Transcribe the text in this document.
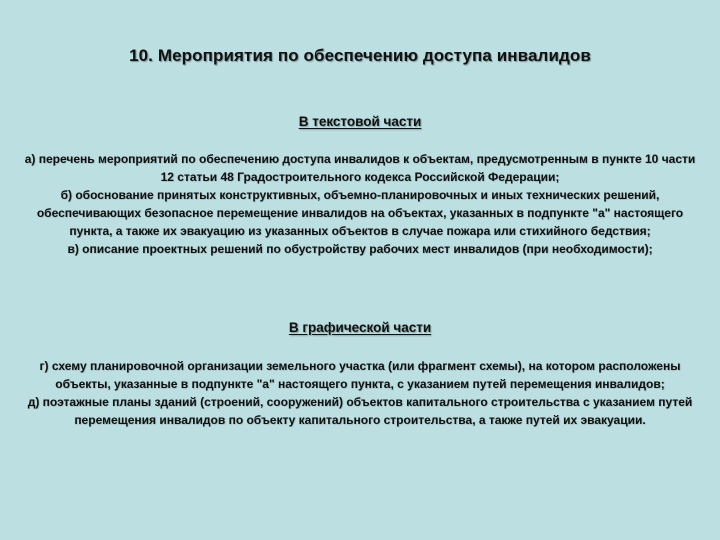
10. Мероприятия по обеспечению доступа инвалидов
В текстовой части

а) перечень мероприятий по обеспечению доступа инвалидов к объектам, предусмотренным в пункте 10 части 12 статьи 48 Градостроительного кодекса Российской Федерации;

б) обоснование принятых конструктивных, объемно-планировочных и иных технических решений, обеспечивающих безопасное перемещение инвалидов на объектах, указанных в подпункте "а" настоящего пункта, а также их эвакуацию из указанных объектов в случае пожара или стихийного бедствия;

в) описание проектных решений по обустройству рабочих мест инвалидов (при необходимости);

В графической части

г) схему планировочной организации земельного участка (или фрагмент схемы), на котором расположены объекты, указанные в подпункте "а" настоящего пункта, с указанием путей перемещения инвалидов;

д) поэтажные планы зданий (строений, сооружений) объектов капитального строительства с указанием путей перемещения инвалидов по объекту капитального строительства, а также путей их эвакуации.
